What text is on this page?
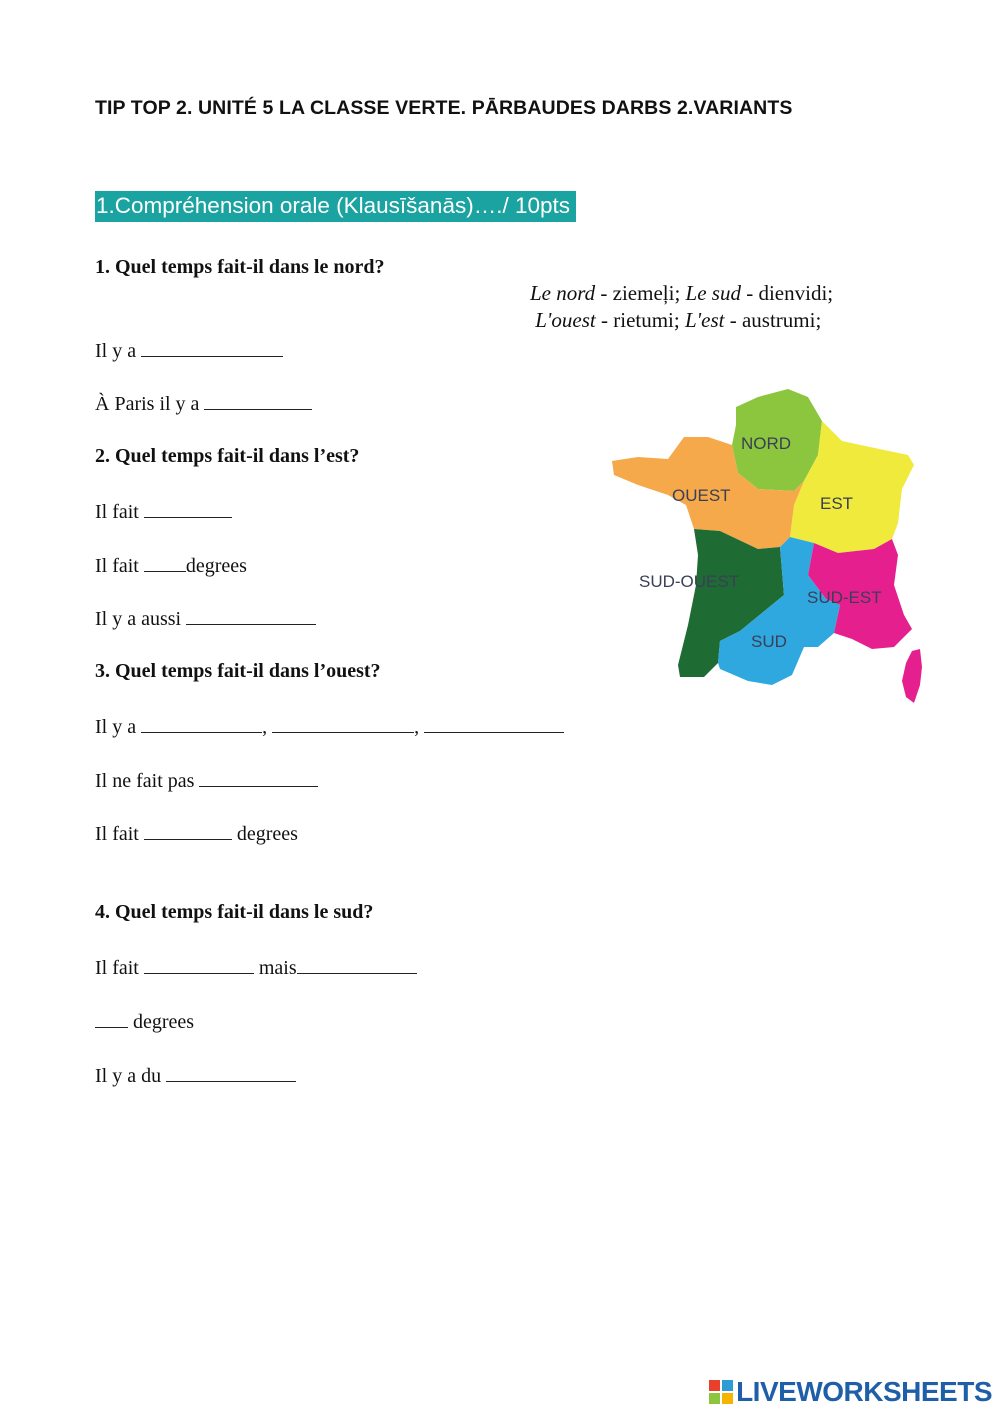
TIP TOP 2. UNITÉ 5 LA CLASSE VERTE. PĀRBAUDES DARBS 2.VARIANTS
1.Compréhension orale (Klausīšanās)…./ 10pts
Le nord - ziemeļi; Le sud - dienvidi;
L'ouest - rietumi; L'est - austrumi;
1. Quel temps fait-il dans le nord?
Il y a
À Paris il y a
2. Quel temps fait-il dans l’est?
Il fait
Il fait degrees
Il y a aussi
3. Quel temps fait-il dans l’ouest?
Il y a	,	,
Il ne fait pas
Il fait	degrees
4. Quel temps fait-il dans le sud?
Il fait	mais
degrees
Il y a du
NORD
OUEST	EST
SUD-OUEST
SUD-EST
SUD
LIVEWORKSHEETS
